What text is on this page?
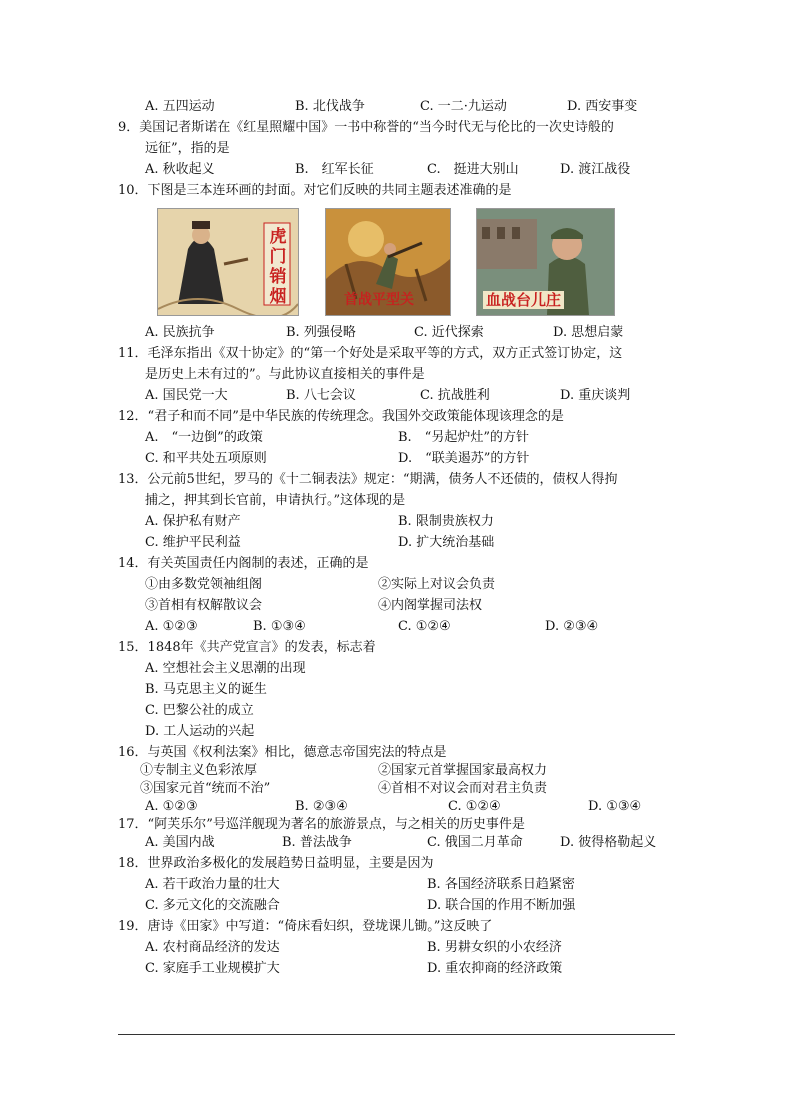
A. 五四运动	B. 北伐战争	C. 一二·九运动	D. 西安事变
9．美国记者斯诺在《红星照耀中国》一书中称誉的“当今时代无与伦比的一次史诗般的
远征”，指的是
A. 秋收起义	B.　红军长征	C.　挺进大别山	D. 渡江战役
10．下图是三本连环画的封面。对它们反映的共同主题表述准确的是
虎门销烟	首战平型关	血战台儿庄
A. 民族抗争	B. 列强侵略	C. 近代探索	D. 思想启蒙
11．毛泽东指出《双十协定》的“第一个好处是采取平等的方式，双方正式签订协定，这
是历史上未有过的”。与此协议直接相关的事件是
A. 国民党一大	B. 八七会议	C. 抗战胜利	D. 重庆谈判
12．“君子和而不同”是中华民族的传统理念。我国外交政策能体现该理念的是
A.　“一边倒”的政策	B.　“另起炉灶”的方针
C. 和平共处五项原则	D.　“联美遏苏”的方针
13．公元前5世纪，罗马的《十二铜表法》规定：“期满，债务人不还债的，债权人得拘
捕之，押其到长官前，申请执行。”这体现的是
A. 保护私有财产	B. 限制贵族权力
C. 维护平民利益	D. 扩大统治基础
14．有关英国责任内阁制的表述，正确的是
①由多数党领袖组阁	②实际上对议会负责
③首相有权解散议会	④内阁掌握司法权
A. ①②③	B. ①③④	C. ①②④	D. ②③④
15．1848年《共产党宣言》的发表，标志着
A. 空想社会主义思潮的出现
B. 马克思主义的诞生
C. 巴黎公社的成立
D. 工人运动的兴起
16．与英国《权利法案》相比，德意志帝国宪法的特点是
①专制主义色彩浓厚	②国家元首掌握国家最高权力
③国家元首“统而不治”	④首相不对议会而对君主负责
A. ①②③	B. ②③④	C. ①②④	D. ①③④
17．“阿芙乐尔”号巡洋舰现为著名的旅游景点，与之相关的历史事件是
A. 美国内战	B. 普法战争	C. 俄国二月革命	D. 彼得格勒起义
18．世界政治多极化的发展趋势日益明显，主要是因为
A. 若干政治力量的壮大	B. 各国经济联系日趋紧密
C. 多元文化的交流融合	D. 联合国的作用不断加强
19．唐诗《田家》中写道：“倚床看妇织，登垅课儿锄。”这反映了
A. 农村商品经济的发达	B. 男耕女织的小农经济
C. 家庭手工业规模扩大	D. 重农抑商的经济政策
